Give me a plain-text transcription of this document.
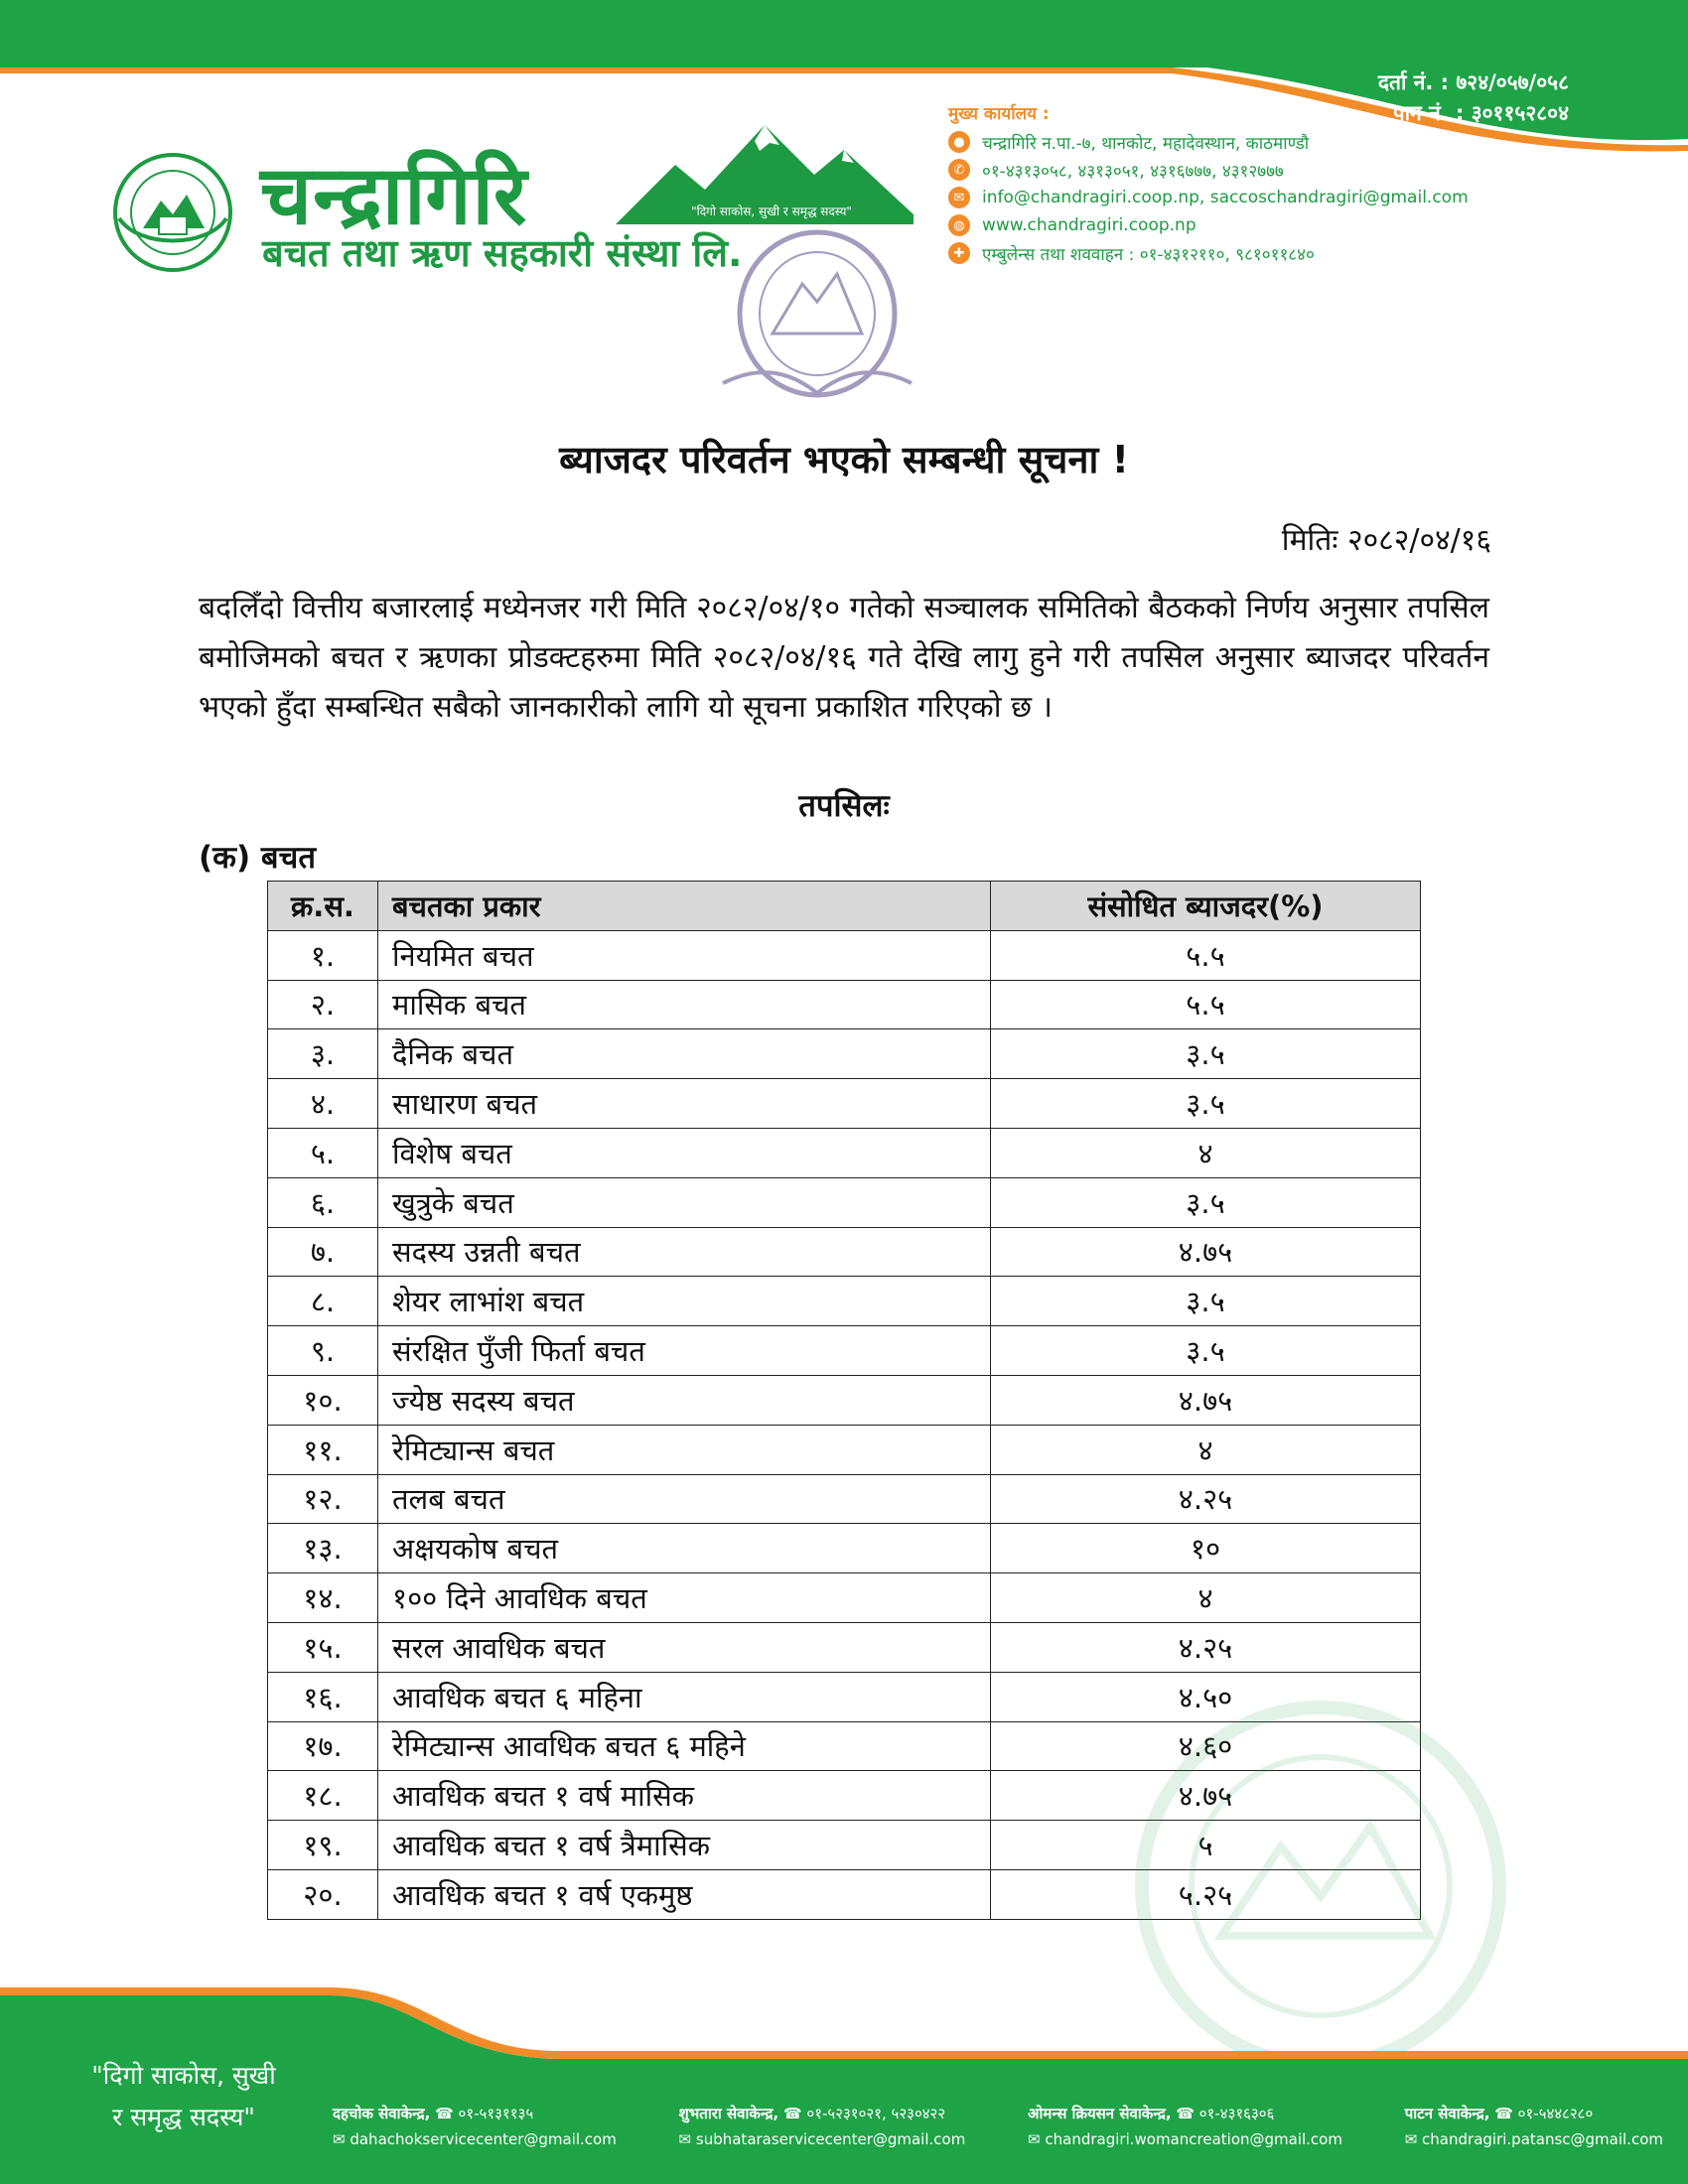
दर्ता नं. : ७२४/०५७/०५८
पान नं. : ३०११५२८०४
चन्द्रागिरि	"दिगो साकोस, सुखी र समृद्ध सदस्य"
बचत तथा ऋण सहकारी संस्था लि.
मुख्य कार्यालय :
●	चन्द्रागिरि न.पा.-७, थानकोट, महादेवस्थान, काठमाण्डौ
✆	०१-४३१३०५८, ४३१३०५१, ४३१६७७७, ४३१२७७७
✉	info@chandragiri.coop.np, saccoschandragiri@gmail.com
◍	www.chandragiri.coop.np
✚	एम्बुलेन्स तथा शववाहन : ०१-४३१२११०, ९८१०११८४०
ब्याजदर परिवर्तन भएको सम्बन्धी सूचना !
मितिः २०८२/०४/१६
बदलिँदो वित्तीय बजारलाई मध्येनजर गरी मिति २०८२/०४/१० गतेको सञ्चालक समितिको बैठकको निर्णय अनुसार तपसिल बमोजिमको बचत र ऋणका प्रोडक्टहरुमा मिति २०८२/०४/१६ गते देखि लागु हुने गरी तपसिल अनुसार ब्याजदर परिवर्तन भएको हुँदा सम्बन्धित सबैको जानकारीको लागि यो सूचना प्रकाशित गरिएको छ ।
तपसिलः
(क) बचत
क्र.स.	बचतका प्रकार	संसोधित ब्याजदर(%)
१.	नियमित बचत	५.५
२.	मासिक बचत	५.५
३.	दैनिक बचत	३.५
४.	साधारण बचत	३.५
५.	विशेष बचत	४
६.	खुत्रुके बचत	३.५
७.	सदस्य उन्नती बचत	४.७५
८.	शेयर लाभांश बचत	३.५
९.	संरक्षित पुँजी फिर्ता बचत	३.५
१०.	ज्येष्ठ सदस्य बचत	४.७५
११.	रेमिट्यान्स बचत	४
१२.	तलब बचत	४.२५
१३.	अक्षयकोष बचत	१०
१४.	१०० दिने आवधिक बचत	४
१५.	सरल आवधिक बचत	४.२५
१६.	आवधिक बचत ६ महिना	४.५०
१७.	रेमिट्यान्स आवधिक बचत ६ महिने	४.६०
१८.	आवधिक बचत १ वर्ष मासिक	४.७५
१९.	आवधिक बचत १ वर्ष त्रैमासिक	५
२०.	आवधिक बचत १ वर्ष एकमुष्ठ	५.२५
"दिगो साकोस, सुखी
र समृद्ध सदस्य"	दहचोक सेवाकेन्द्र, ☎ ०१-५१३११३५
✉ dahachokservicecenter@gmail.com
शुभतारा सेवाकेन्द्र, ☎ ०१-५२३१०२१, ५२३०४२२
✉ subhataraservicecenter@gmail.com
ओमन्स क्रियसन सेवाकेन्द्र, ☎ ०१-४३१६३०६
✉ chandragiri.womancreation@gmail.com
पाटन सेवाकेन्द्र, ☎ ०१-५४४८२८०
✉ chandragiri.patansc@gmail.com
